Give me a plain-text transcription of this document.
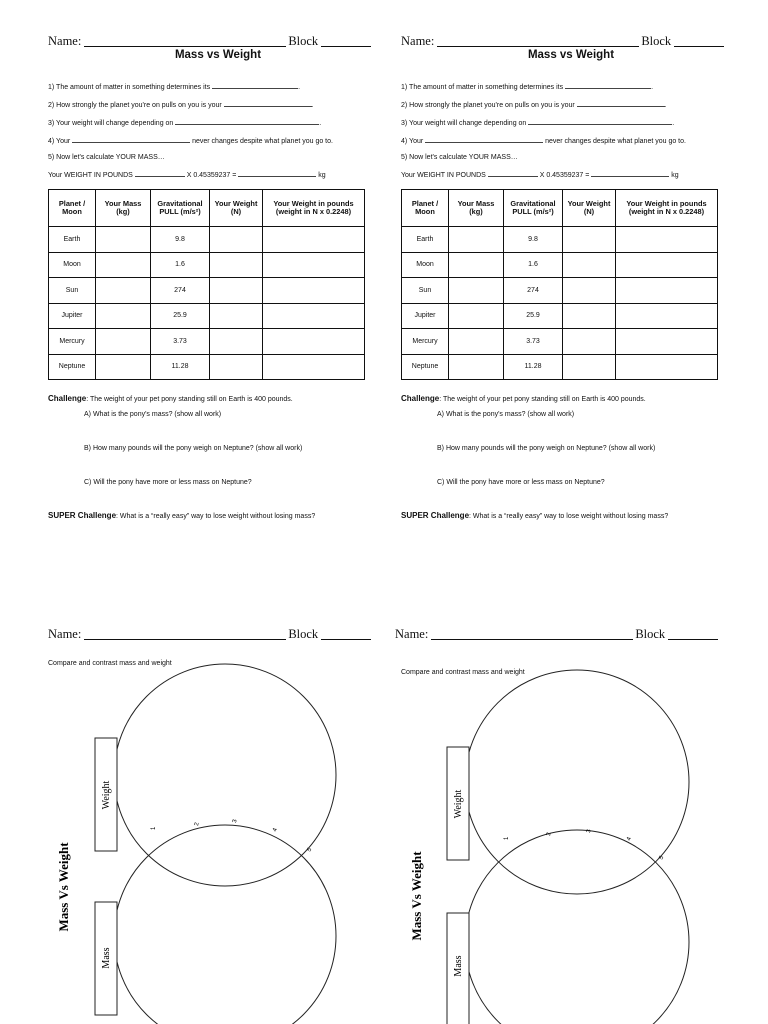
Name:	Block
Mass vs Weight
1) The amount of matter in something determines its	.
2) How strongly the planet you're on pulls on you is your	.
3) Your weight will change depending on	.
4) Your	never changes despite what planet you go to.
5) Now let's calculate YOUR MASS…
Your WEIGHT IN POUNDS	X 0.45359237 =	kg
Planet / Moon	Your Mass (kg)	Gravitational PULL (m/s²)	Your Weight (N)	Your Weight in pounds (weight in N x 0.2248)
Earth		9.8		
Moon		1.6		
Sun		274		
Jupiter		25.9		
Mercury		3.73		
Neptune		11.28		
Challenge: The weight of your pet pony standing still on Earth is 400 pounds.
A) What is the pony's mass? (show all work)
B) How many pounds will the pony weigh on Neptune? (show all work)
C) Will the pony have more or less mass on Neptune?
SUPER Challenge: What is a “really easy” way to lose weight without losing mass?
Name:	Block
Mass vs Weight
1) The amount of matter in something determines its	.
2) How strongly the planet you're on pulls on you is your	.
3) Your weight will change depending on	.
4) Your	never changes despite what planet you go to.
5) Now let's calculate YOUR MASS…
Your WEIGHT IN POUNDS	X 0.45359237 =	kg
Planet / Moon	Your Mass (kg)	Gravitational PULL (m/s²)	Your Weight (N)	Your Weight in pounds (weight in N x 0.2248)
Earth		9.8		
Moon		1.6		
Sun		274		
Jupiter		25.9		
Mercury		3.73		
Neptune		11.28		
Challenge: The weight of your pet pony standing still on Earth is 400 pounds.
A) What is the pony's mass? (show all work)
B) How many pounds will the pony weigh on Neptune? (show all work)
C) Will the pony have more or less mass on Neptune?
SUPER Challenge: What is a “really easy” way to lose weight without losing mass?
Name:	Block
Compare and contrast mass and weight
Weight
Mass
Mass Vs Weight
1
2
3
4
5
Weight
Mass
Mass Vs Weight
1
2
3
4
5
Name:	Block
Compare and contrast mass and weight
